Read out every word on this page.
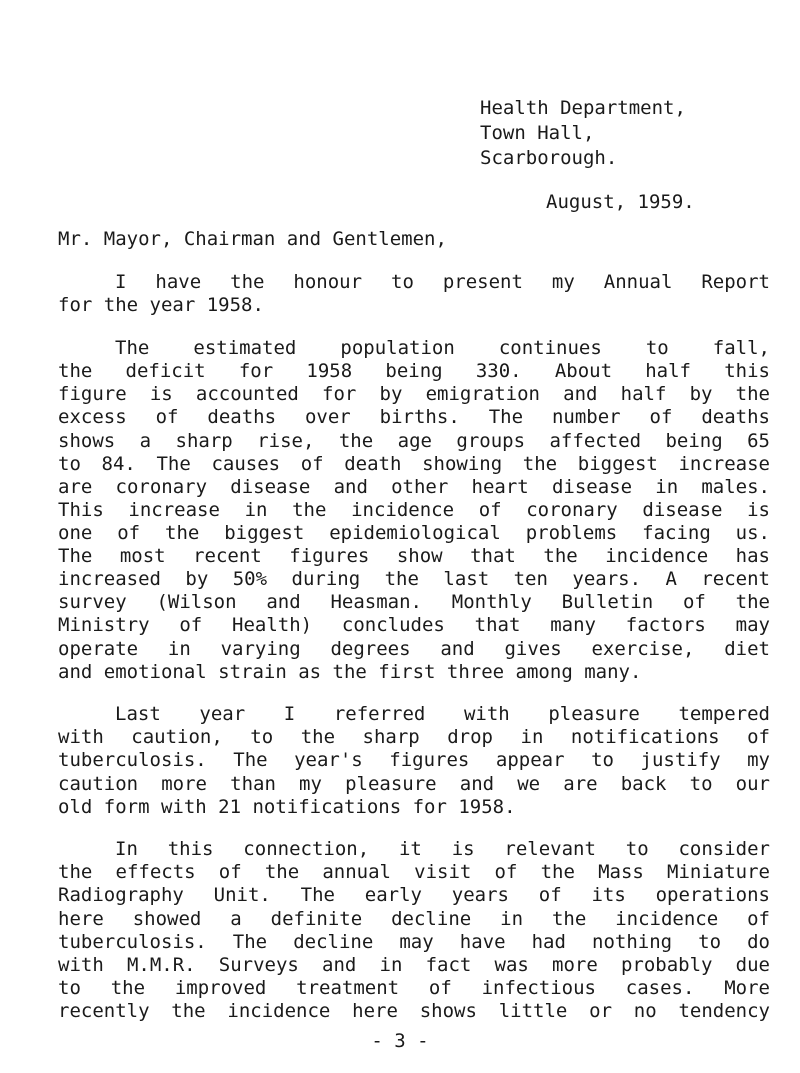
Health Department,
Town Hall,
Scarborough.
August, 1959.
Mr. Mayor, Chairman and Gentlemen,
I have the honour to present my Annual Report
for the year 1958.
The estimated population continues to fall,
the deficit for 1958 being 330. About half this
figure is accounted for by emigration and half by the
excess of deaths over births. The number of deaths
shows a sharp rise, the age groups affected being 65
to 84. The causes of death showing the biggest increase
are coronary disease and other heart disease in males.
This increase in the incidence of coronary disease is
one of the biggest epidemiological problems facing us.
The most recent figures show that the incidence has
increased by 50% during the last ten years. A recent
survey (Wilson and Heasman. Monthly Bulletin of the
Ministry of Health) concludes that many factors may
operate in varying degrees and gives exercise, diet
and emotional strain as the first three among many.
Last year I referred with pleasure tempered
with caution, to the sharp drop in notifications of
tuberculosis. The year's figures appear to justify my
caution more than my pleasure and we are back to our
old form with 21 notifications for 1958.
In this connection, it is relevant to consider
the effects of the annual visit of the Mass Miniature
Radiography Unit. The early years of its operations
here showed a definite decline in the incidence of
tuberculosis. The decline may have had nothing to do
with M.M.R. Surveys and in fact was more probably due
to the improved treatment of infectious cases. More
recently the incidence here shows little or no tendency
- 3 -
